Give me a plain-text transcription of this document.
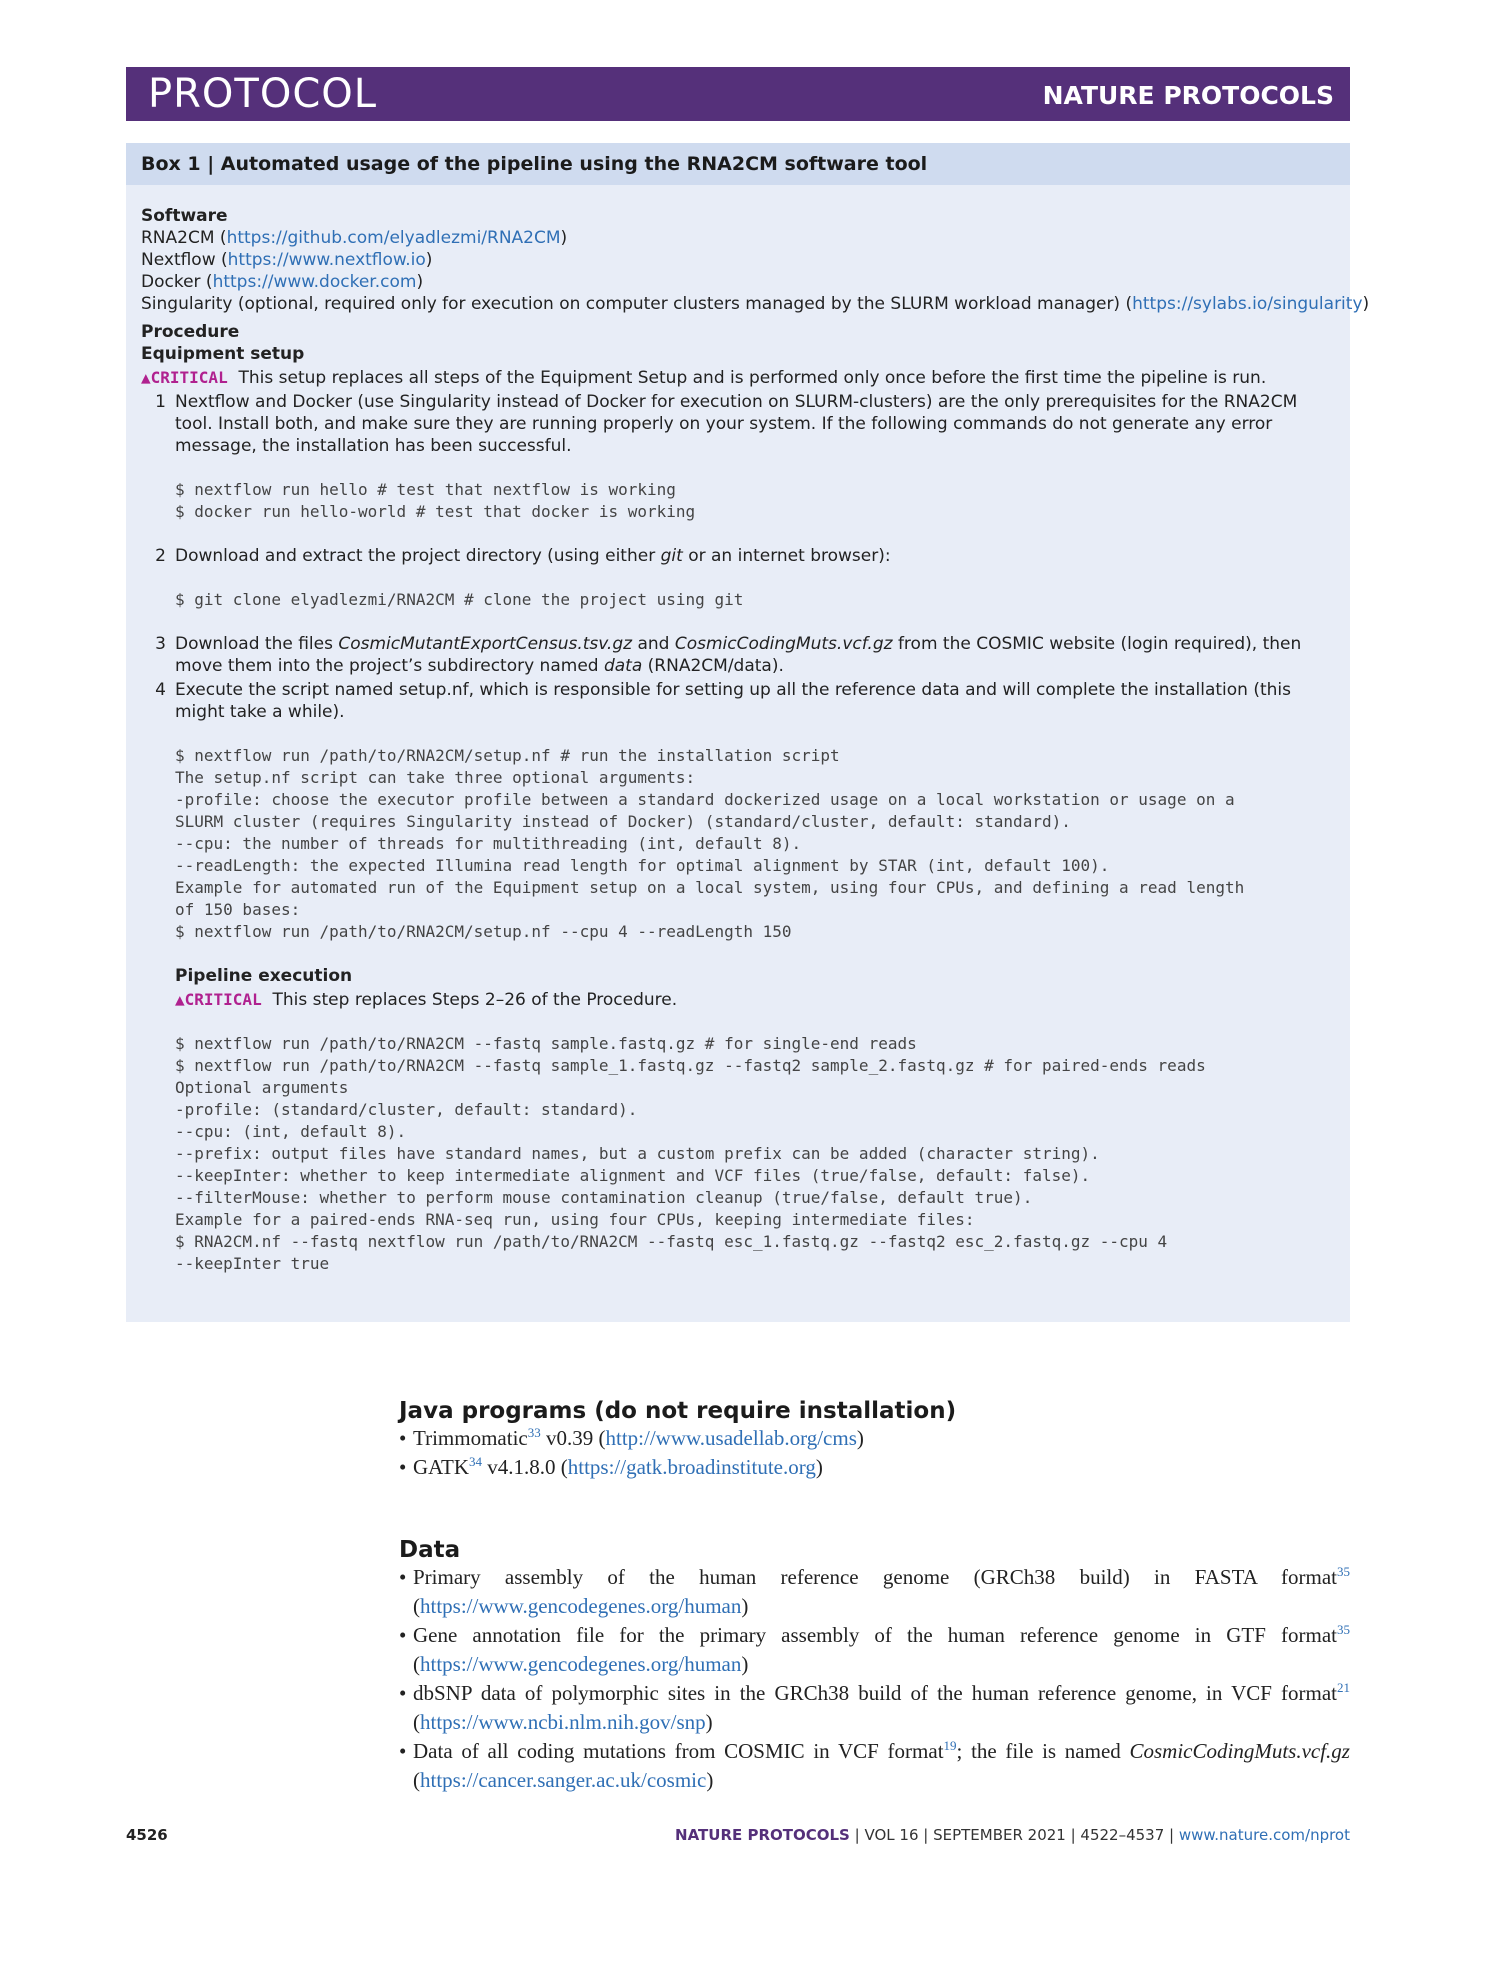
PROTOCOL	NATURE PROTOCOLS
Box 1 | Automated usage of the pipeline using the RNA2CM software tool
Software
RNA2CM (https://github.com/elyadlezmi/RNA2CM)
Nextflow (https://www.nextflow.io)
Docker (https://www.docker.com)
Singularity (optional, required only for execution on computer clusters managed by the SLURM workload manager) (https://sylabs.io/singularity)
Procedure
Equipment setup
▲CRITICAL This setup replaces all steps of the Equipment Setup and is performed only once before the first time the pipeline is run.
1 Nextflow and Docker (use Singularity instead of Docker for execution on SLURM-clusters) are the only prerequisites for the RNA2CM tool. Install both, and make sure they are running properly on your system. If the following commands do not generate any error message, the installation has been successful.
$ nextflow run hello # test that nextflow is working
$ docker run hello-world # test that docker is working
2 Download and extract the project directory (using either git or an internet browser):
$ git clone elyadlezmi/RNA2CM # clone the project using git
3 Download the files CosmicMutantExportCensus.tsv.gz and CosmicCodingMuts.vcf.gz from the COSMIC website (login required), then move them into the project’s subdirectory named data (RNA2CM/data).
4 Execute the script named setup.nf, which is responsible for setting up all the reference data and will complete the installation (this might take a while).
$ nextflow run /path/to/RNA2CM/setup.nf # run the installation script
The setup.nf script can take three optional arguments:
-profile: choose the executor profile between a standard dockerized usage on a local workstation or usage on a
SLURM cluster (requires Singularity instead of Docker) (standard/cluster, default: standard).
--cpu: the number of threads for multithreading (int, default 8).
--readLength: the expected Illumina read length for optimal alignment by STAR (int, default 100).
Example for automated run of the Equipment setup on a local system, using four CPUs, and defining a read length
of 150 bases:
$ nextflow run /path/to/RNA2CM/setup.nf --cpu 4 --readLength 150
Pipeline execution
▲CRITICAL This step replaces Steps 2–26 of the Procedure.
$ nextflow run /path/to/RNA2CM --fastq sample.fastq.gz # for single-end reads
$ nextflow run /path/to/RNA2CM --fastq sample_1.fastq.gz --fastq2 sample_2.fastq.gz # for paired-ends reads
Optional arguments
-profile: (standard/cluster, default: standard).
--cpu: (int, default 8).
--prefix: output files have standard names, but a custom prefix can be added (character string).
--keepInter: whether to keep intermediate alignment and VCF files (true/false, default: false).
--filterMouse: whether to perform mouse contamination cleanup (true/false, default true).
Example for a paired-ends RNA-seq run, using four CPUs, keeping intermediate files:
$ RNA2CM.nf --fastq nextflow run /path/to/RNA2CM --fastq esc_1.fastq.gz --fastq2 esc_2.fastq.gz --cpu 4
--keepInter true
Java programs (do not require installation)
• Trimmomatic$^{33}$ v0.39 (http://www.usadellab.org/cms)
• GATK$^{34}$ v4.1.8.0 (https://gatk.broadinstitute.org)
Data
• Primary assembly of the human reference genome (GRCh38 build) in FASTA format$^{35}$ (https://www.gencodegenes.org/human)
• Gene annotation file for the primary assembly of the human reference genome in GTF format$^{35}$ (https://www.gencodegenes.org/human)
• dbSNP data of polymorphic sites in the GRCh38 build of the human reference genome, in VCF format$^{21}$ (https://www.ncbi.nlm.nih.gov/snp)
• Data of all coding mutations from COSMIC in VCF format$^{19}$; the file is named CosmicCodingMuts.vcf.gz (https://cancer.sanger.ac.uk/cosmic)
4526	NATURE PROTOCOLS | VOL 16 | SEPTEMBER 2021 | 4522–4537 | www.nature.com/nprot
